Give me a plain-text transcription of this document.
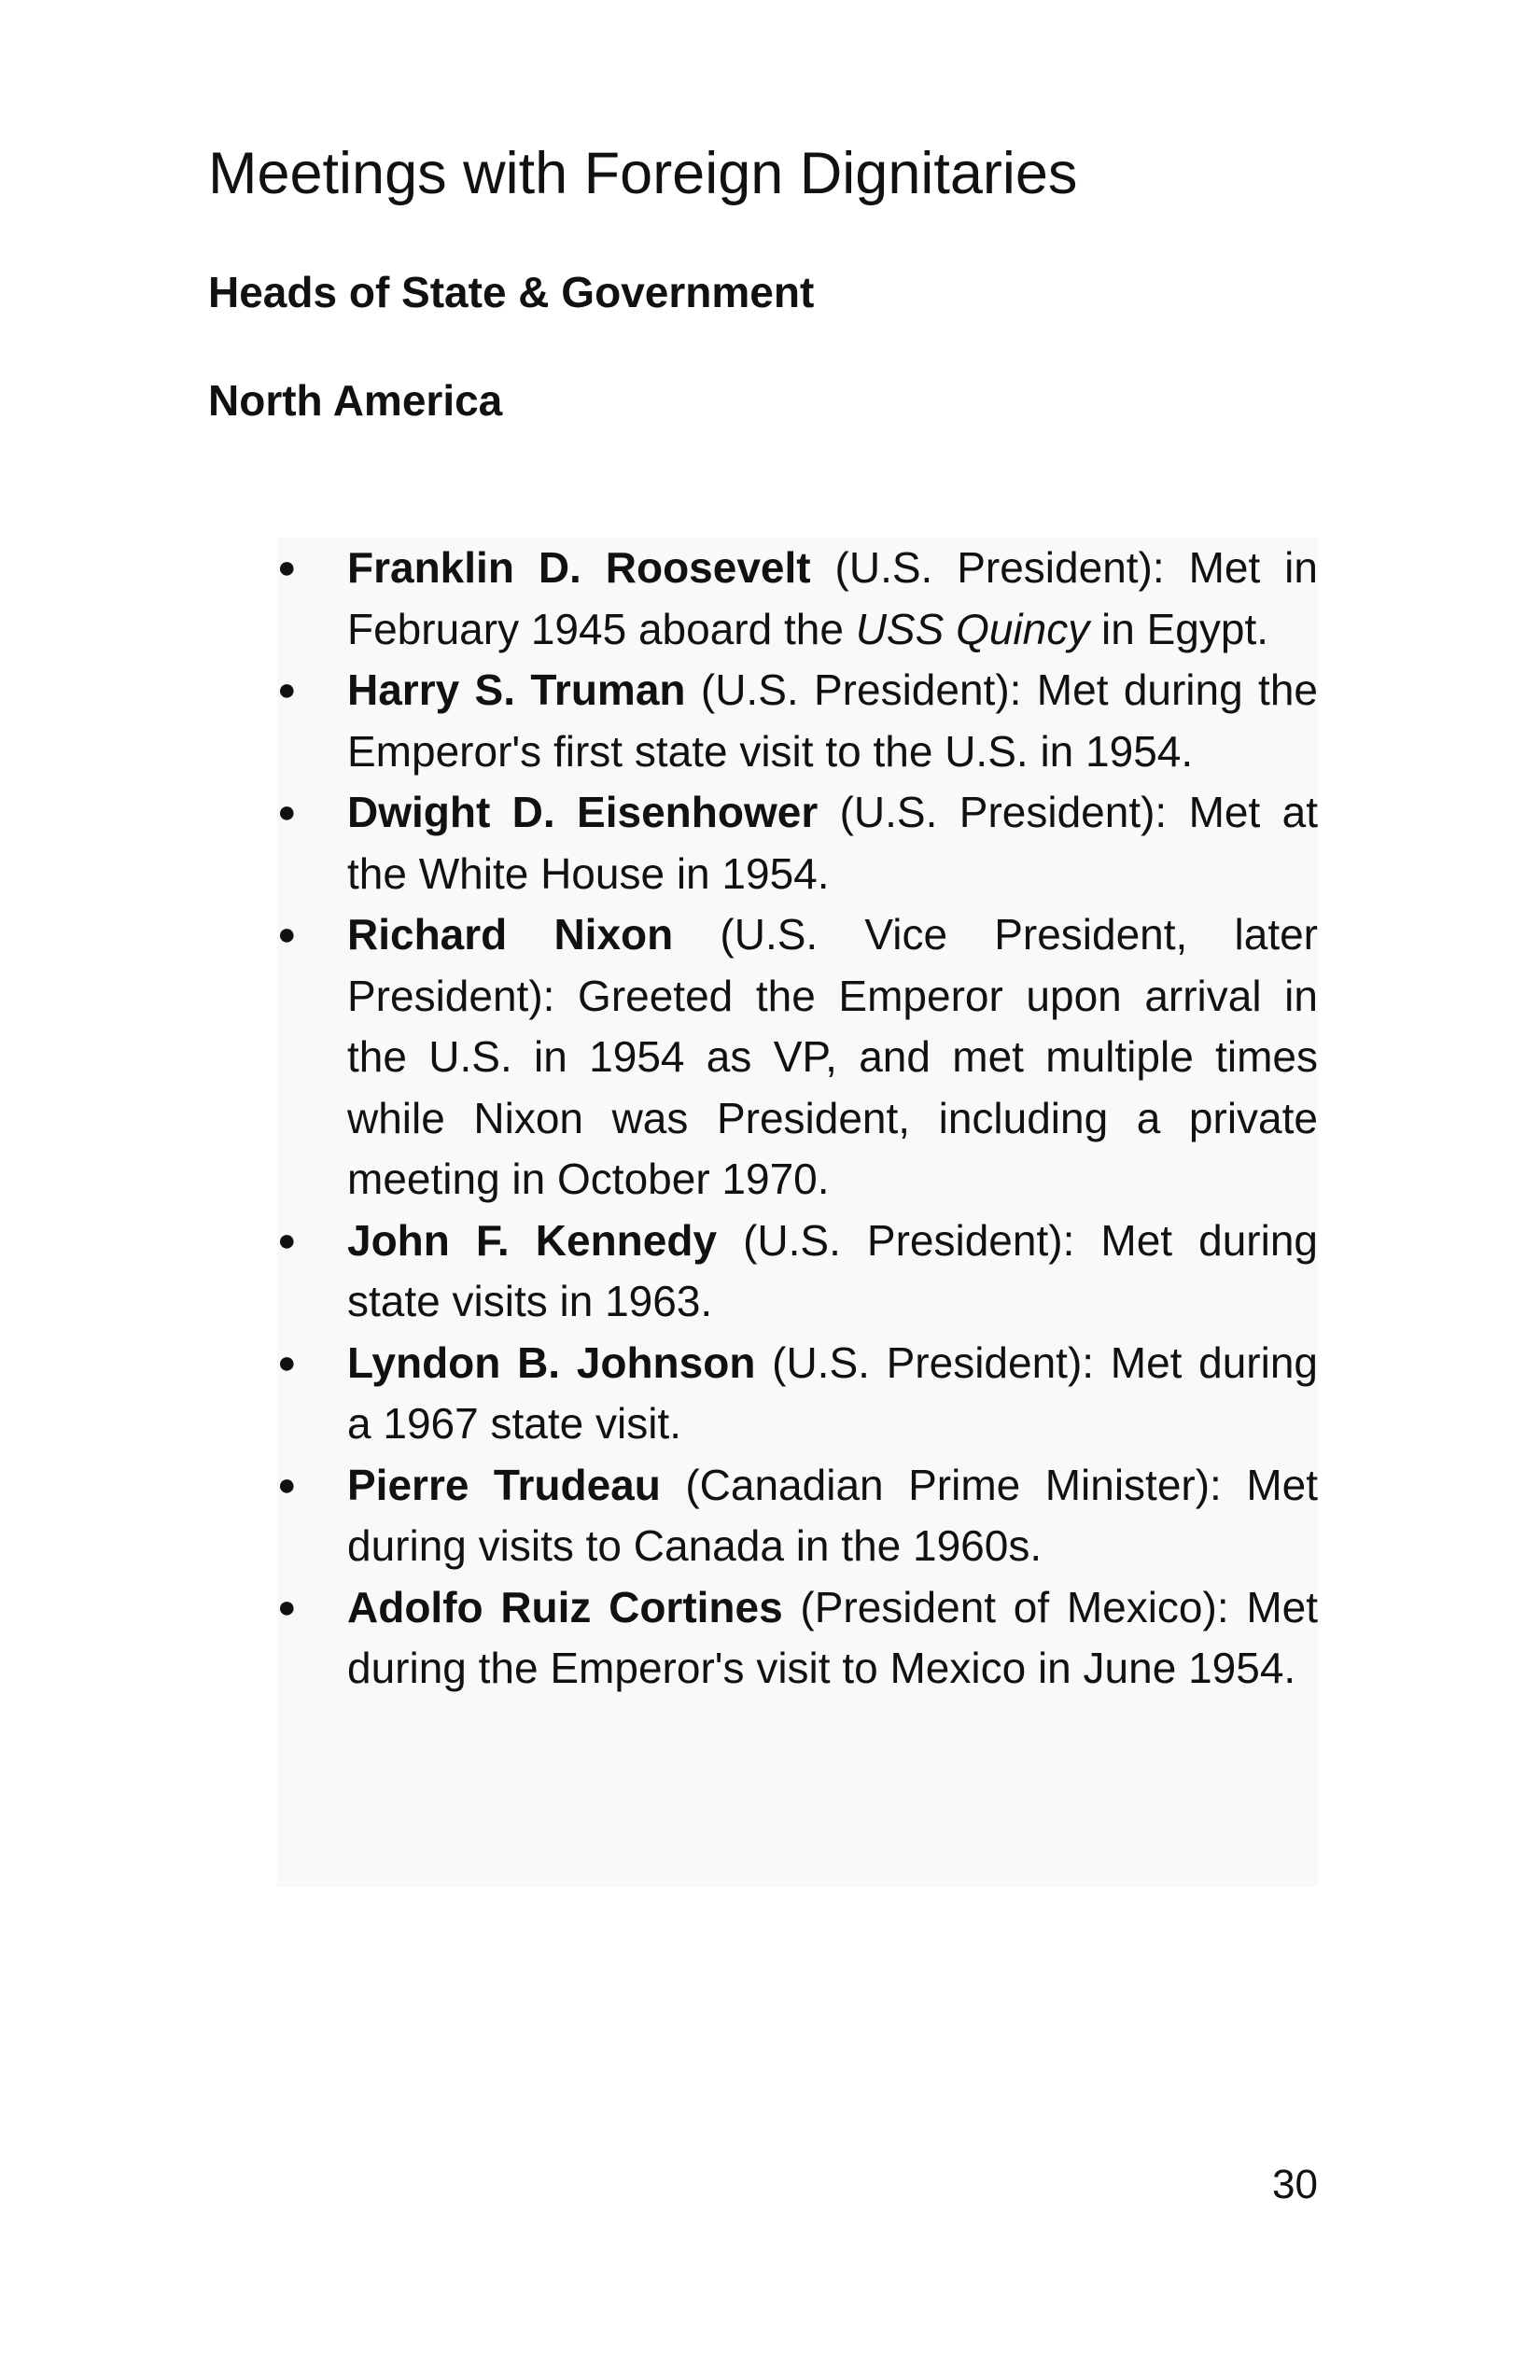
Meetings with Foreign Dignitaries
Heads of State & Government
North America
●	Franklin D. Roosevelt (U.S. President): Met in February 1945 aboard the USS Quincy in Egypt.
●	Harry S. Truman (U.S. President): Met during the Emperor's first state visit to the U.S. in 1954.
●	Dwight D. Eisenhower (U.S. President): Met at the White House in 1954.
●	Richard Nixon (U.S. Vice President, later President): Greeted the Emperor upon arrival in the U.S. in 1954 as VP, and met multiple times while Nixon was President, including a private meeting in October 1970.
●	John F. Kennedy (U.S. President): Met during state visits in 1963.
●	Lyndon B. Johnson (U.S. President): Met during a 1967 state visit.
●	Pierre Trudeau (Canadian Prime Minister): Met during visits to Canada in the 1960s.
●	Adolfo Ruiz Cortines (President of Mexico): Met during the Emperor's visit to Mexico in June 1954.

30
